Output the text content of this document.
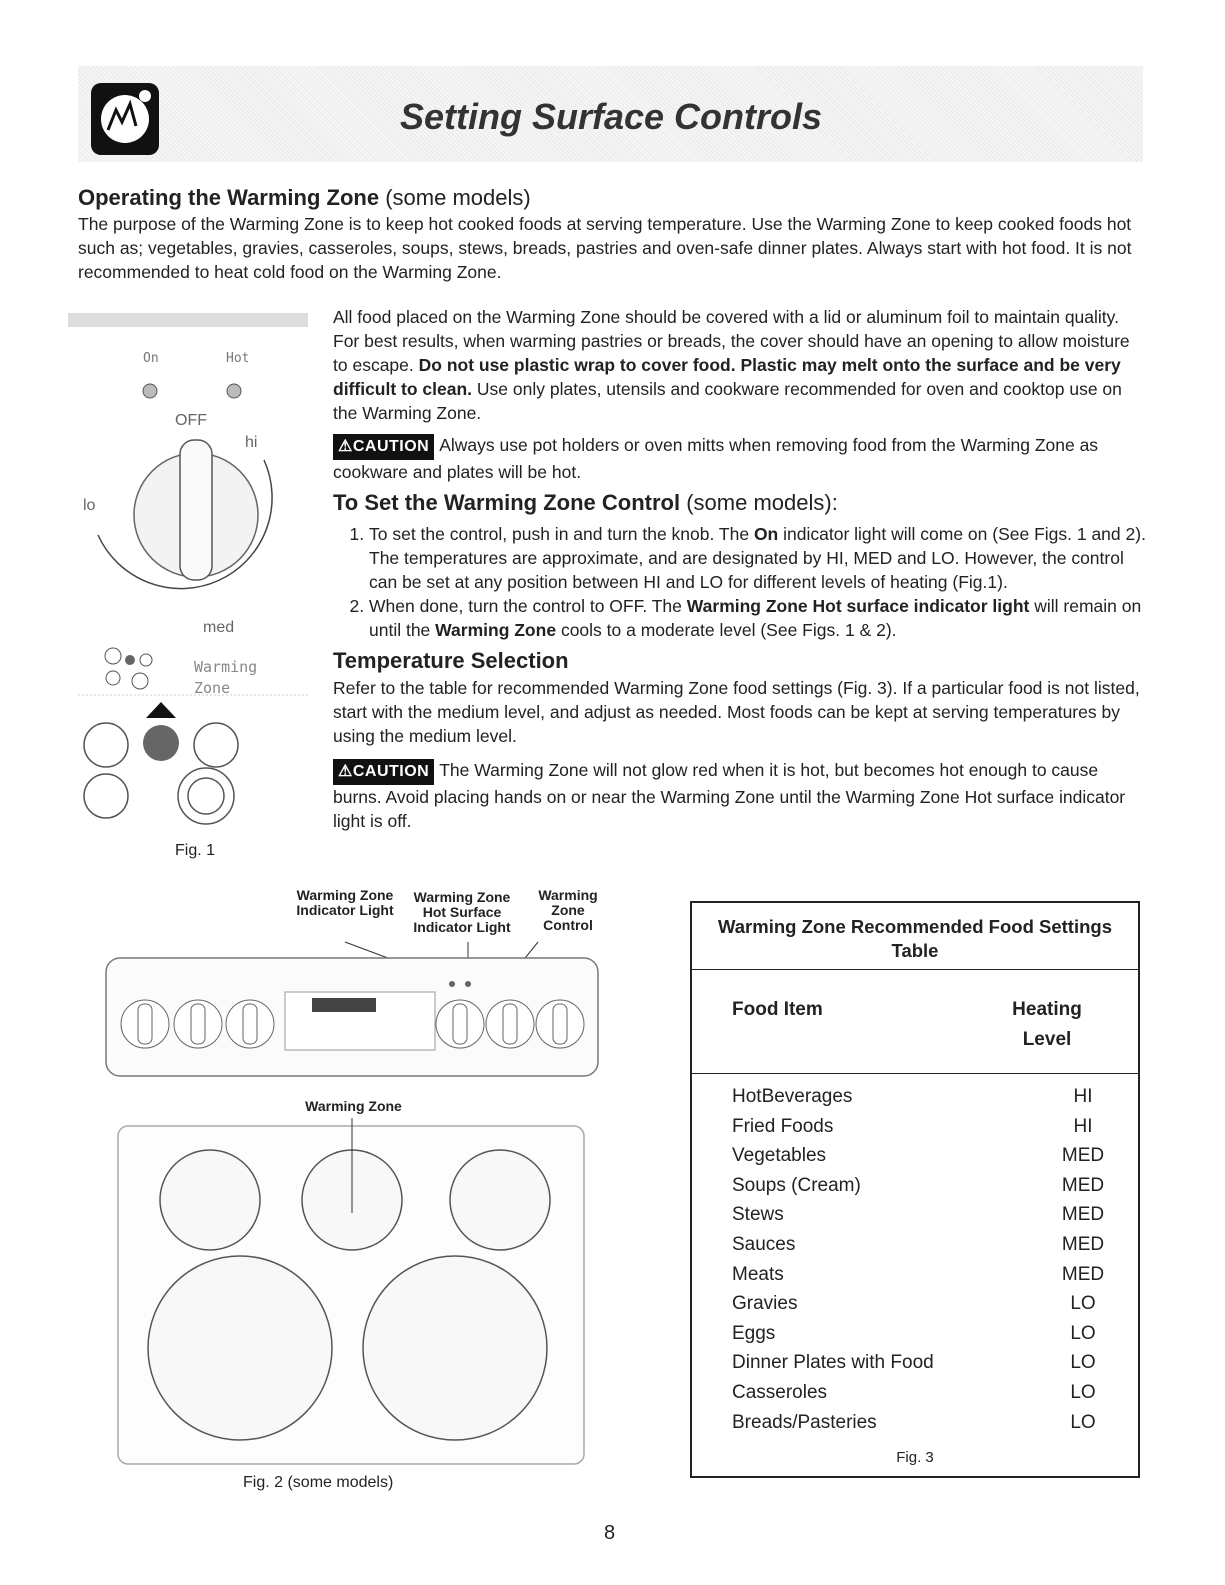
Setting Surface Controls
Operating the Warming Zone (some models)
The purpose of the Warming Zone is to keep hot cooked foods at serving temperature. Use the Warming Zone to keep cooked foods hot such as; vegetables, gravies, casseroles, soups, stews, breads, pastries and oven-safe dinner plates. Always start with hot food. It is not recommended to heat cold food on the Warming Zone.
All food placed on the Warming Zone should be covered with a lid or aluminum foil to maintain quality. For best results, when warming pastries or breads, the cover should have an opening to allow moisture to escape. Do not use plastic wrap to cover food. Plastic may melt onto the surface and be very difficult to clean. Use only plates, utensils and cookware recommended for oven and cooktop use on the Warming Zone.
⚠CAUTION Always use pot holders or oven mitts when removing food from the Warming Zone as cookware and plates will be hot.
To Set the Warming Zone Control (some models):
1. To set the control, push in and turn the knob. The On indicator light will come on (See Figs. 1 and 2). The temperatures are approximate, and are designated by HI, MED and LO. However, the control can be set at any position between HI and LO for different levels of heating (Fig.1).
2. When done, turn the control to OFF. The Warming Zone Hot surface indicator light will remain on until the Warming Zone cools to a moderate level (See Figs. 1 & 2).
Temperature Selection
Refer to the table for recommended Warming Zone food settings (Fig. 3). If a particular food is not listed, start with the medium level, and adjust as needed. Most foods can be kept at serving temperatures by using the medium level.
⚠CAUTION The Warming Zone will not glow red when it is hot, but becomes hot enough to cause burns. Avoid placing hands on or near the Warming Zone until the Warming Zone Hot surface indicator light is off.
On	Hot
OFF
hi
lo
med
Warming
Zone
Fig. 1
Warming Zone Indicator Light
Warming Zone Hot Surface Indicator Light
Warming Zone Control
Warming Zone
Fig. 2 (some models)
Warming Zone Recommended Food Settings Table
Food Item	Heating Level
HotBeverages	HI
Fried Foods	HI
Vegetables	MED
Soups (Cream)	MED
Stews	MED
Sauces	MED
Meats	MED
Gravies	LO
Eggs	LO
Dinner Plates with Food	LO
Casseroles	LO
Breads/Pasteries	LO
Fig. 3
8
